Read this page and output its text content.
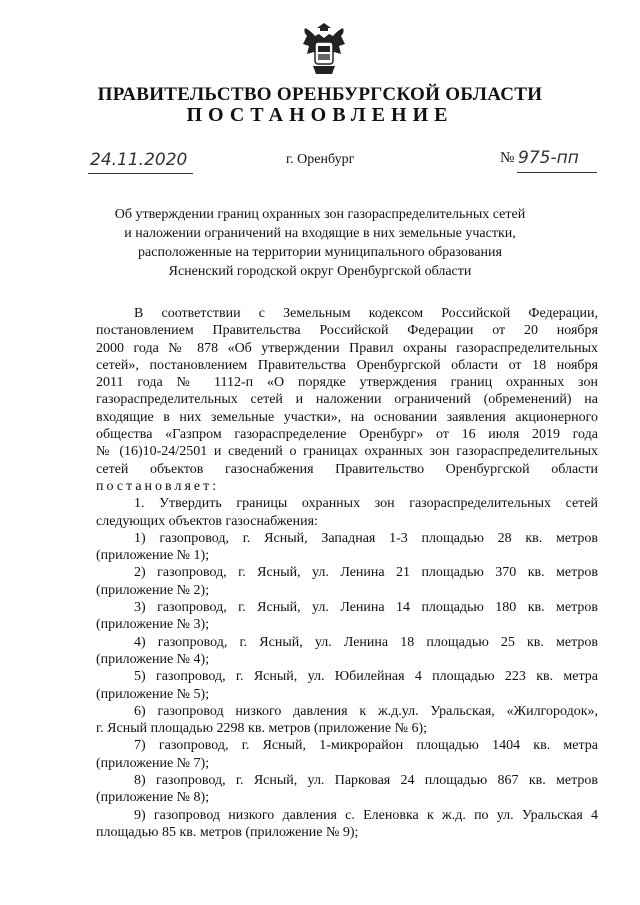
ПРАВИТЕЛЬСТВО ОРЕНБУРГСКОЙ ОБЛАСТИ
ПОСТАНОВЛЕНИЕ
24.11.2020	г. Оренбург	№ 975-пп
Об утверждении границ охранных зон газораспределительных сетей
и наложении ограничений на входящие в них земельные участки,
расположенные на территории муниципального образования
Ясненский городской округ Оренбургской области
В соответствии с Земельным кодексом Российской Федерации,
постановлением Правительства Российской Федерации от 20 ноября
2000 года № 878 «Об утверждении Правил охраны газораспределительных
сетей», постановлением Правительства Оренбургской области от 18 ноября
2011 года № 1112-п «О порядке утверждения границ охранных зон
газораспределительных сетей и наложении ограничений (обременений) на
входящие в них земельные участки», на основании заявления акционерного
общества «Газпром газораспределение Оренбург» от 16 июля 2019 года
№ (16)10-24/2501 и сведений о границах охранных зон газораспределительных
сетей объектов газоснабжения Правительство Оренбургской области
постановляет:
1. Утвердить границы охранных зон газораспределительных сетей
следующих объектов газоснабжения:
1) газопровод, г. Ясный, Западная 1-3 площадью 28 кв. метров
(приложение № 1);
2) газопровод, г. Ясный, ул. Ленина 21 площадью 370 кв. метров
(приложение № 2);
3) газопровод, г. Ясный, ул. Ленина 14 площадью 180 кв. метров
(приложение № 3);
4) газопровод, г. Ясный, ул. Ленина 18 площадью 25 кв. метров
(приложение № 4);
5) газопровод, г. Ясный, ул. Юбилейная 4 площадью 223 кв. метра
(приложение № 5);
6) газопровод низкого давления к ж.д.ул. Уральская, «Жилгородок»,
г. Ясный площадью 2298 кв. метров (приложение № 6);
7) газопровод, г. Ясный, 1-микрорайон площадью 1404 кв. метра
(приложение № 7);
8) газопровод, г. Ясный, ул. Парковая 24 площадью 867 кв. метров
(приложение № 8);
9) газопровод низкого давления с. Еленовка к ж.д. по ул. Уральская 4
площадью 85 кв. метров (приложение № 9);
